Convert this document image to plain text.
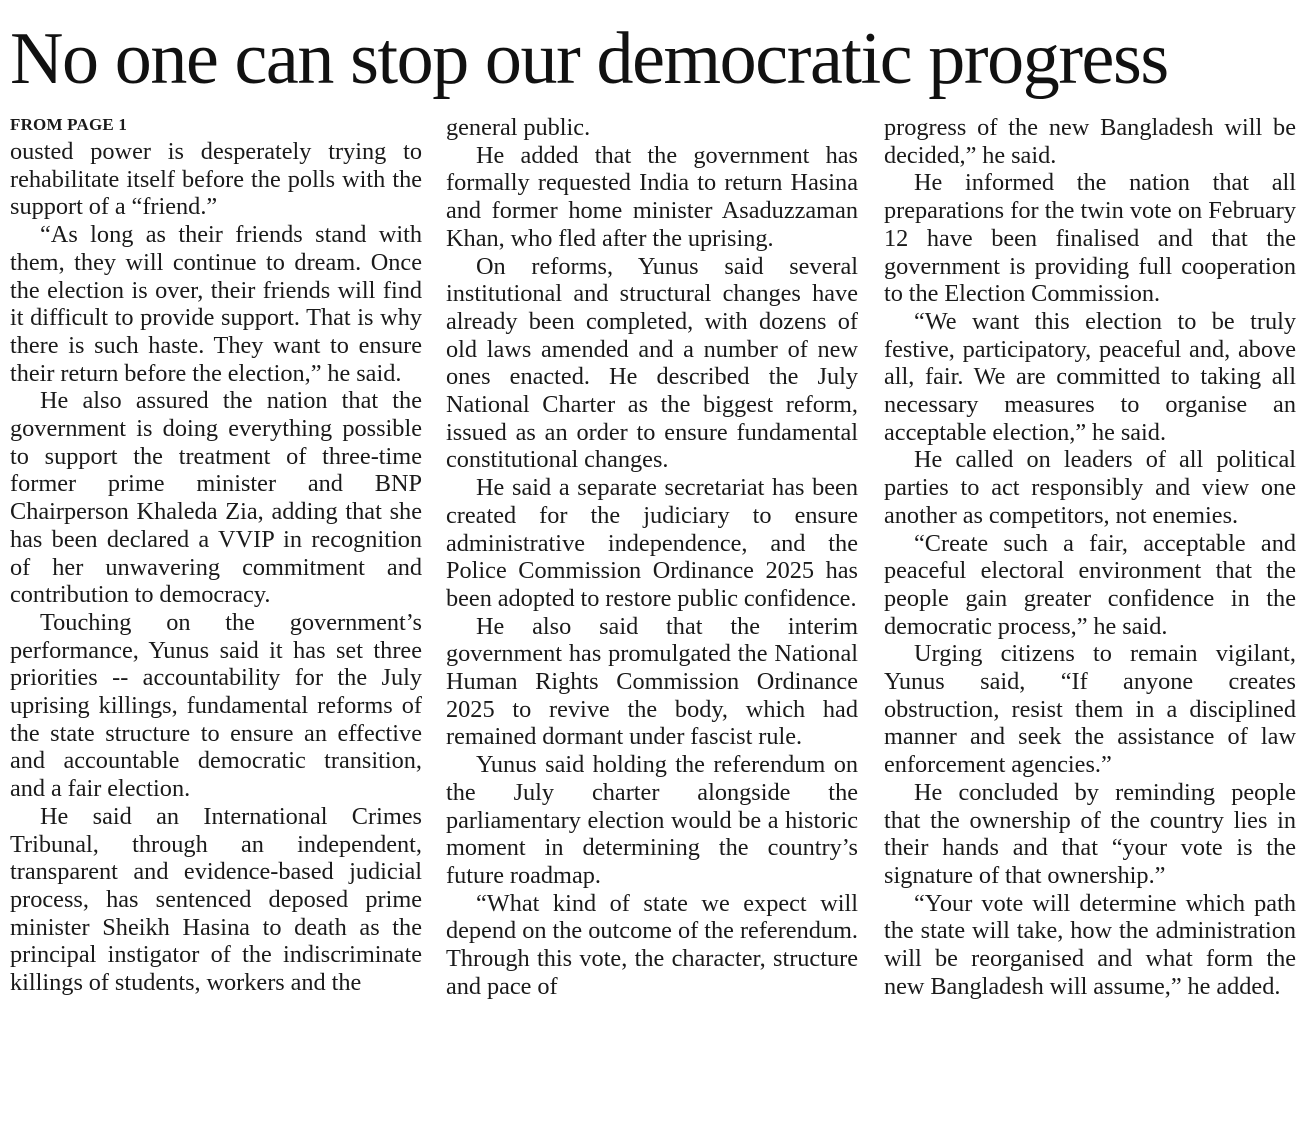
No one can stop our democratic progress
FROM PAGE 1

ousted power is desperately trying to rehabilitate itself before the polls with the support of a “friend.”

“As long as their friends stand with them, they will continue to dream. Once the election is over, their friends will find it difficult to provide support. That is why there is such haste. They want to ensure their return before the election,” he said.

He also assured the nation that the government is doing everything possible to support the treatment of three-time former prime minister and BNP Chairperson Khaleda Zia, adding that she has been declared a VVIP in recognition of her unwavering commitment and contribution to democracy.

Touching on the government’s performance, Yunus said it has set three priorities -- accountability for the July uprising killings, fundamental reforms of the state structure to ensure an effective and accountable democratic transition, and a fair election.

He said an International Crimes Tribunal, through an independent, transparent and evidence-based judicial process, has sentenced deposed prime minister Sheikh Hasina to death as the principal instigator of the indiscriminate killings of students, workers and the

general public.

He added that the government has formally requested India to return Hasina and former home minister Asaduzzaman Khan, who fled after the uprising.

On reforms, Yunus said several institutional and structural changes have already been completed, with dozens of old laws amended and a number of new ones enacted. He described the July National Charter as the biggest reform, issued as an order to ensure fundamental constitutional changes.

He said a separate secretariat has been created for the judiciary to ensure administrative independence, and the Police Commission Ordinance 2025 has been adopted to restore public confidence.

He also said that the interim government has promulgated the National Human Rights Commission Ordinance 2025 to revive the body, which had remained dormant under fascist rule.

Yunus said holding the referendum on the July charter alongside the parliamentary election would be a historic moment in determining the country’s future roadmap.

“What kind of state we expect will depend on the outcome of the referendum. Through this vote, the character, structure and pace of

progress of the new Bangladesh will be decided,” he said.

He informed the nation that all preparations for the twin vote on February 12 have been finalised and that the government is providing full cooperation to the Election Commission.

“We want this election to be truly festive, participatory, peaceful and, above all, fair. We are committed to taking all necessary measures to organise an acceptable election,” he said.

He called on leaders of all political parties to act responsibly and view one another as competitors, not enemies.

“Create such a fair, acceptable and peaceful electoral environment that the people gain greater confidence in the democratic process,” he said.

Urging citizens to remain vigilant, Yunus said, “If anyone creates obstruction, resist them in a disciplined manner and seek the assistance of law enforcement agencies.”

He concluded by reminding people that the ownership of the country lies in their hands and that “your vote is the signature of that ownership.”

“Your vote will determine which path the state will take, how the administration will be reorganised and what form the new Bangladesh will assume,” he added.
